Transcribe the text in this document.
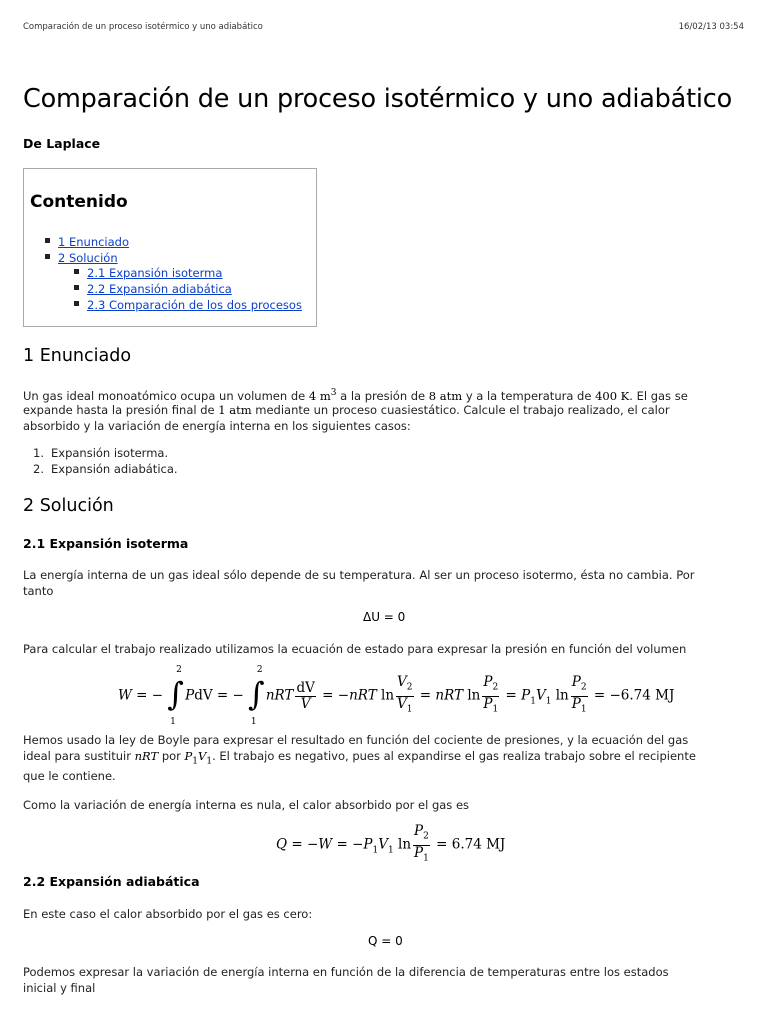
Comparación de un proceso isotérmico y uno adiabático	16/02/13 03:54
Comparación de un proceso isotérmico y uno adiabático
De Laplace
Contenido
1 Enunciado
2 Solución
2.1 Expansión isoterma
2.2 Expansión adiabática
2.3 Comparación de los dos procesos
1 Enunciado
Un gas ideal monoatómico ocupa un volumen de 4 $m^3$ a la presión de 8 atm y a la temperatura de 400 K. El gas se
expande hasta la presión final de 1 atm mediante un proceso cuasiestático. Calcule el trabajo realizado, el calor
absorbido y la variación de energía interna en los siguientes casos:
1. Expansión isoterma.
2. Expansión adiabática.
2 Solución
2.1 Expansión isoterma
La energía interna de un gas ideal sólo depende de su temperatura. Al ser un proceso isotermo, ésta no cambia. Por
tanto
ΔU = 0
Para calcular el trabajo realizado utilizamos la ecuación de estado para expresar la presión en función del volumen
W = − ∫
2
1
PdV = − ∫
2
1
nRT $\frac{dV}{V} = -nRT$ $\ln \frac{V_2}{V_1}$ = nRT $\ln \frac{P_2}{P_1} = P_1V_1$ $\ln \frac{P_2}{P_1} = -6.74$ MJ
Hemos usado la ley de Boyle para expresar el resultado en función del cociente de presiones, y la ecuación del gas
ideal para sustituir nRT por $P_1V_1$. El trabajo es negativo, pues al expandirse el gas realiza trabajo sobre el recipiente
que le contiene.
Como la variación de energía interna es nula, el calor absorbido por el gas es
$Q = -W = -P_1V_1$ $\ln \frac{P_2}{P_1} = 6.74$ MJ
2.2 Expansión adiabática
En este caso el calor absorbido por el gas es cero:
Q = 0
Podemos expresar la variación de energía interna en función de la diferencia de temperaturas entre los estados
inicial y final
